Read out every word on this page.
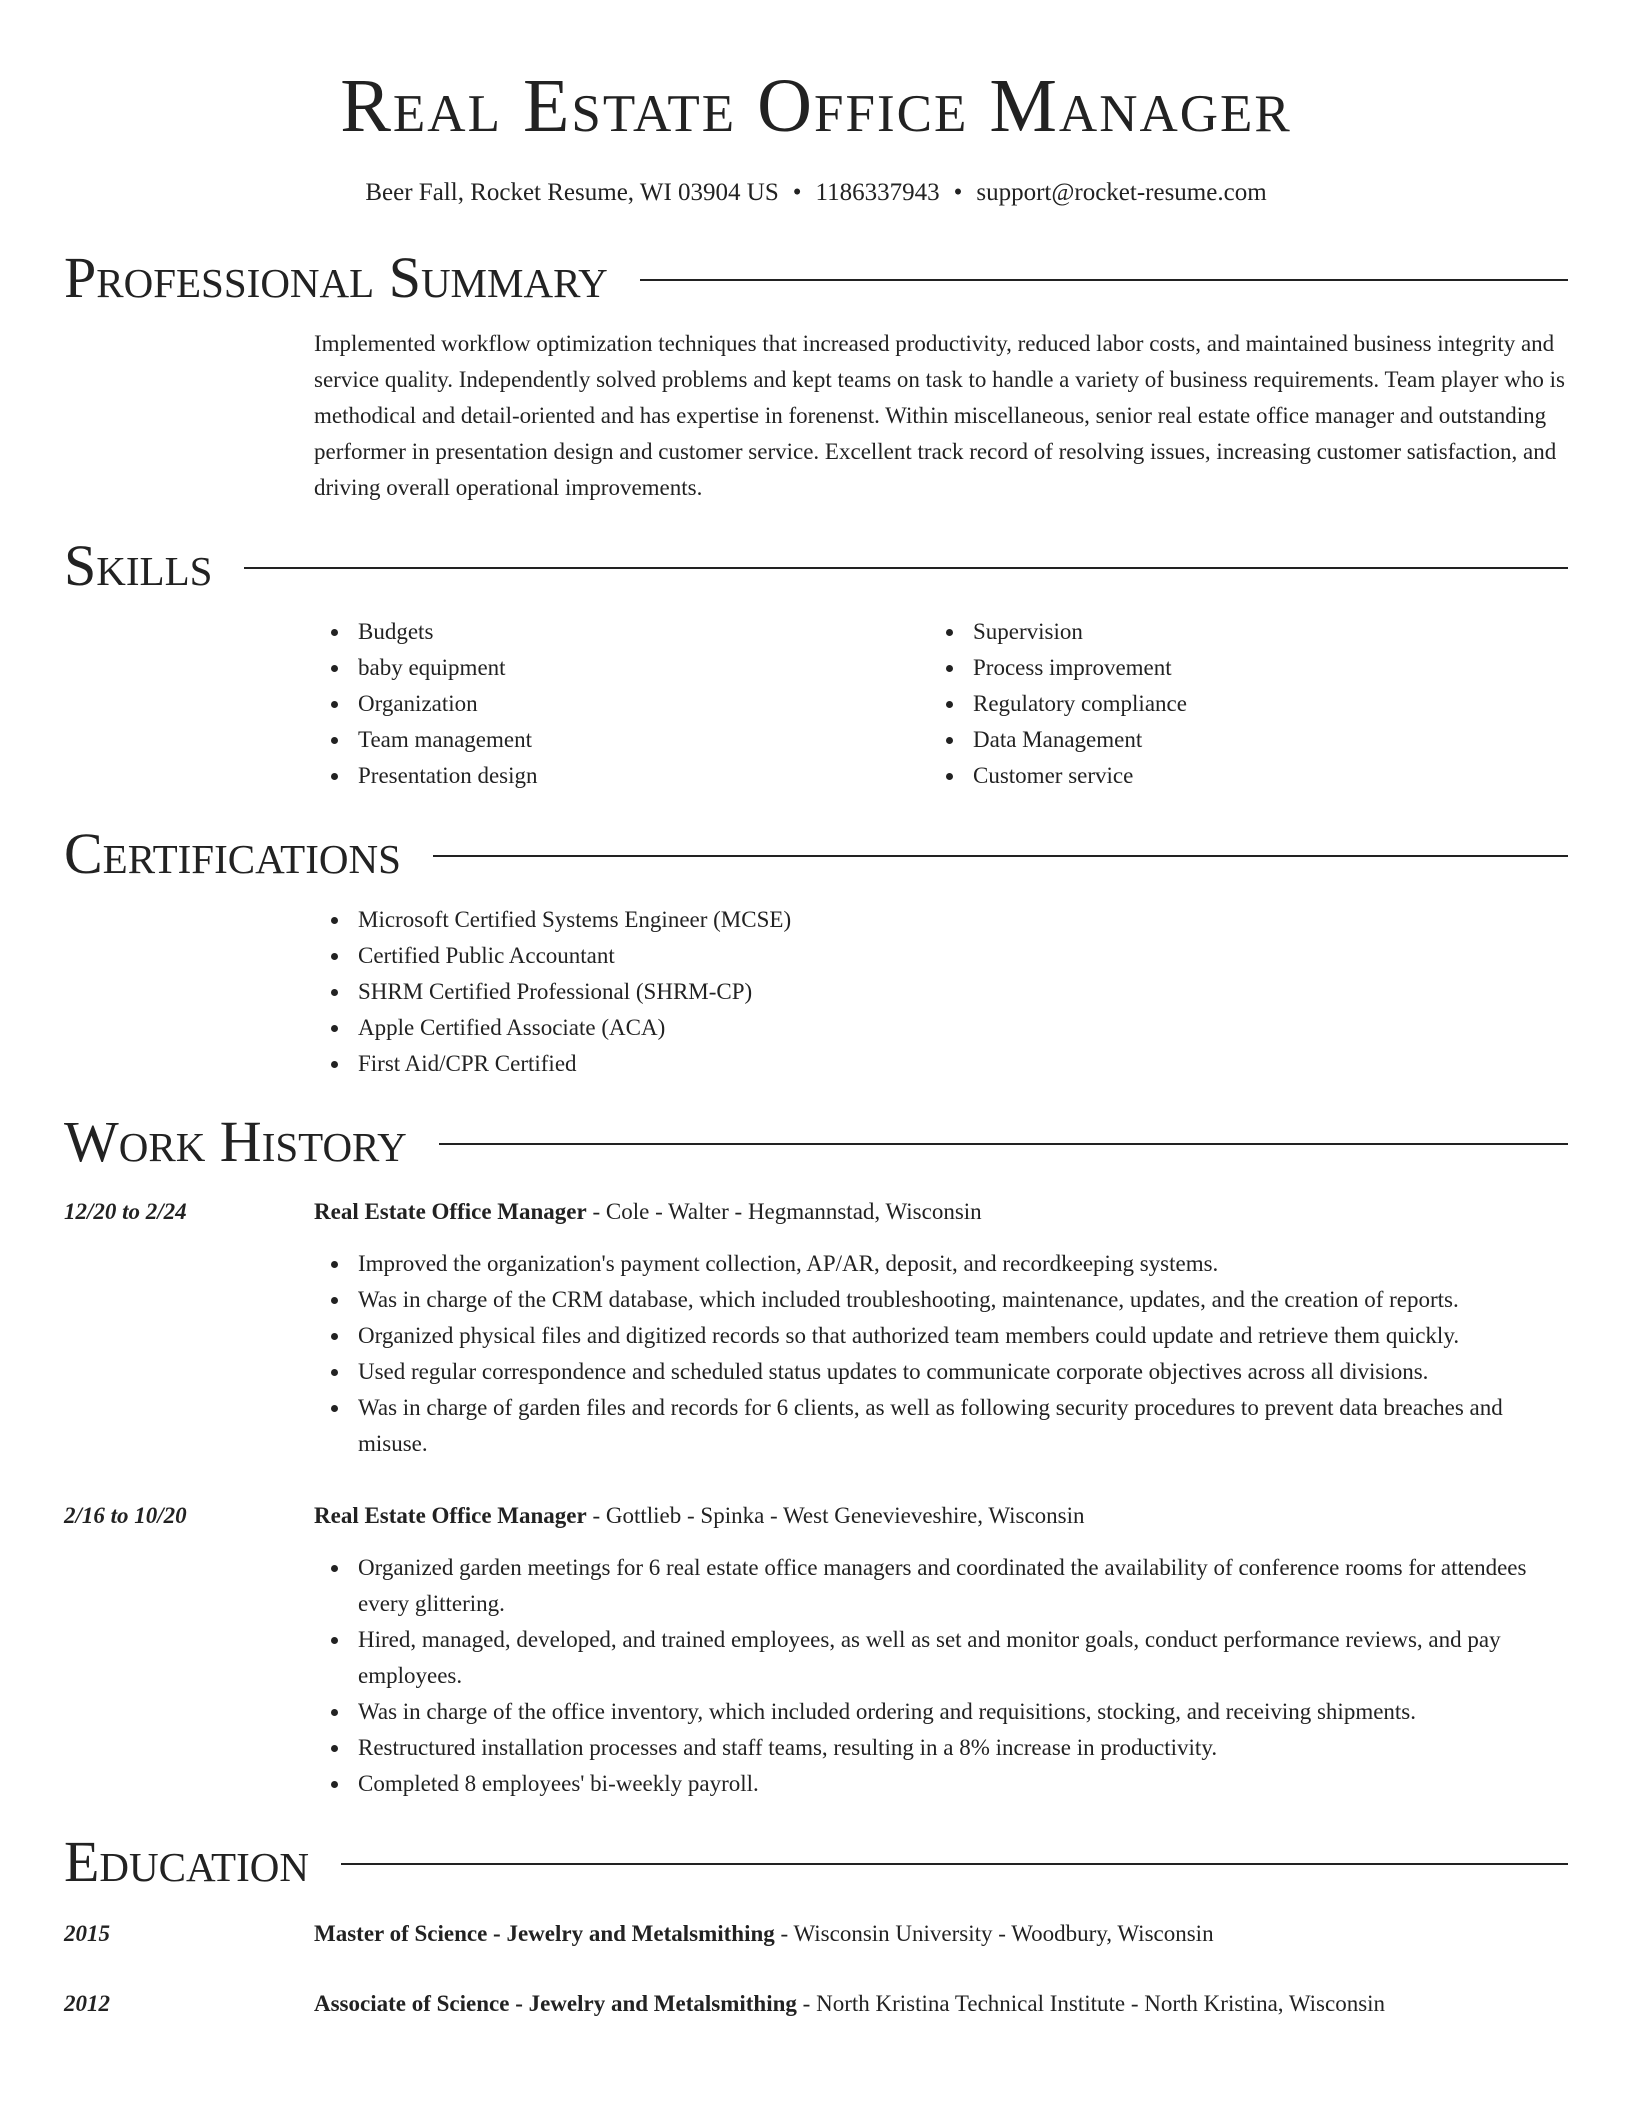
Real Estate Office Manager
Beer Fall, Rocket Resume, WI 03904 US • 1186337943 • support@rocket-resume.com
Professional Summary

Implemented workflow optimization techniques that increased productivity, reduced labor costs, and maintained business integrity and service quality. Independently solved problems and kept teams on task to handle a variety of business requirements. Team player who is methodical and detail-oriented and has expertise in forenenst. Within miscellaneous, senior real estate office manager and outstanding performer in presentation design and customer service. Excellent track record of resolving issues, increasing customer satisfaction, and driving overall operational improvements.

Skills
Budgets
baby equipment
Organization
Team management
Presentation design
Supervision
Process improvement
Regulatory compliance
Data Management
Customer service
Certifications
Microsoft Certified Systems Engineer (MCSE)
Certified Public Accountant
SHRM Certified Professional (SHRM-CP)
Apple Certified Associate (ACA)
First Aid/CPR Certified
Work History
12/20 to 2/24	Real Estate Office Manager - Cole - Walter - Hegmannstad, Wisconsin
Improved the organization's payment collection, AP/AR, deposit, and recordkeeping systems.
Was in charge of the CRM database, which included troubleshooting, maintenance, updates, and the creation of reports.
Organized physical files and digitized records so that authorized team members could update and retrieve them quickly.
Used regular correspondence and scheduled status updates to communicate corporate objectives across all divisions.
Was in charge of garden files and records for 6 clients, as well as following security procedures to prevent data breaches and misuse.
2/16 to 10/20	Real Estate Office Manager - Gottlieb - Spinka - West Genevieveshire, Wisconsin
Organized garden meetings for 6 real estate office managers and coordinated the availability of conference rooms for attendees every glittering.
Hired, managed, developed, and trained employees, as well as set and monitor goals, conduct performance reviews, and pay employees.
Was in charge of the office inventory, which included ordering and requisitions, stocking, and receiving shipments.
Restructured installation processes and staff teams, resulting in a 8% increase in productivity.
Completed 8 employees' bi-weekly payroll.
Education
2015	Master of Science - Jewelry and Metalsmithing - Wisconsin University - Woodbury, Wisconsin
2012	Associate of Science - Jewelry and Metalsmithing - North Kristina Technical Institute - North Kristina, Wisconsin
